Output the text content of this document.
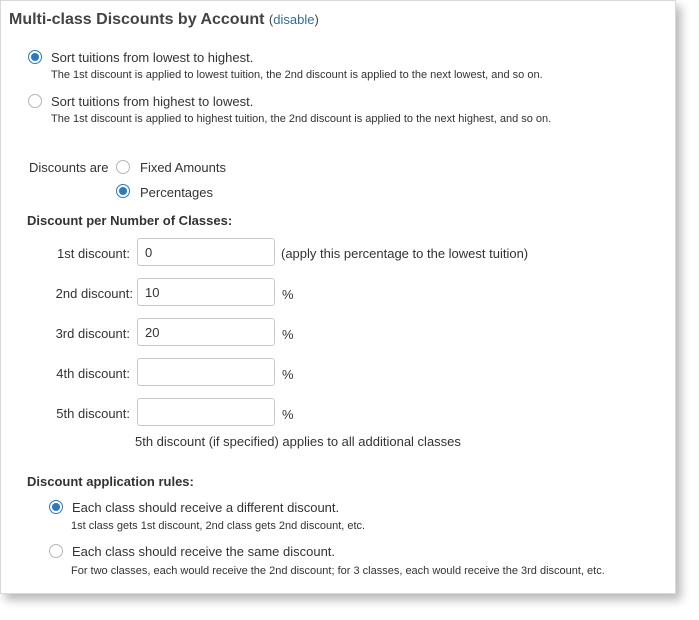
Multi-class Discounts by Account (disable)
Sort tuitions from lowest to highest.
The 1st discount is applied to lowest tuition, the 2nd discount is applied to the next lowest, and so on.
Sort tuitions from highest to lowest.
The 1st discount is applied to highest tuition, the 2nd discount is applied to the next highest, and so on.
Discounts are Fixed Amounts
Percentages
Discount per Number of Classes:
1st discount:
0	(apply this percentage to the lowest tuition)
2nd discount:
10	%
3rd discount:
20	%
4th discount:	%
5th discount:	%
5th discount (if specified) applies to all additional classes
Discount application rules:
Each class should receive a different discount.
1st class gets 1st discount, 2nd class gets 2nd discount, etc.
Each class should receive the same discount.
For two classes, each would receive the 2nd discount; for 3 classes, each would receive the 3rd discount, etc.
